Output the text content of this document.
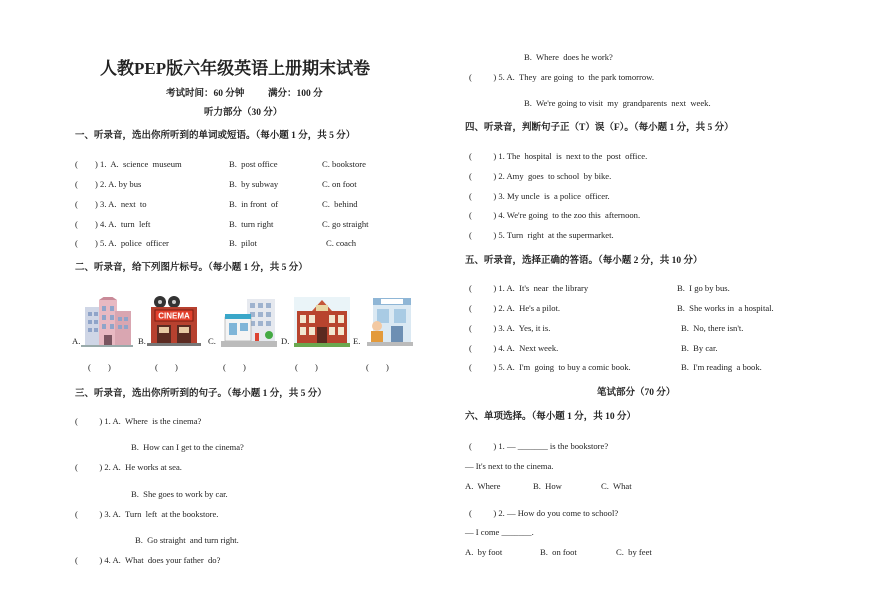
人教PEP版六年级英语上册期末试卷
考试时间：60 分钟 满分：100 分
听力部分（30 分）
一、听录音，选出你所听到的单词或短语。（每小题 1 分，共 5 分）
(        ) 1.  A.  science  museum	B.  post office	C. bookstore
(        ) 2. A. by bus	B.  by subway	C. on foot
(        ) 3. A.  next  to	B.  in front  of	C.  behind
(        ) 4. A.  turn  left	B.  turn right	C. go straight
(        ) 5. A.  police  officer	B.  pilot	C. coach
二、听录音，给下列图片标号。（每小题 1 分，共 5 分）
A.	B.	C.	D.	E.
CINEMA
(        )	(        )	(        )	(        )	(        )
三、听录音，选出你所听到的句子。（每小题 1 分，共 5 分）
(          ) 1. A.  Where  is the cinema?
B.  How can I get to the cinema?
(          ) 2. A.  He works at sea.
B.  She goes to work by car.
(          ) 3. A.  Turn  left  at the bookstore.
B.  Go straight  and turn right.
(          ) 4. A.  What  does your father  do?
B.  Where  does he work?
(          ) 5. A.  They  are going  to  the park tomorrow.
B.  We're going to visit  my  grandparents  next  week.
四、听录音，判断句子正（T）误（F）。（每小题 1 分，共 5 分）
(          ) 1. The  hospital  is  next to the  post  office.
(          ) 2. Amy  goes  to school  by bike.
(          ) 3. My uncle  is  a police  officer.
(          ) 4. We're going  to the zoo this  afternoon.
(          ) 5. Turn  right  at the supermarket.
五、听录音，选择正确的答语。（每小题 2 分，共 10 分）
(          ) 1. A.  It's  near  the library	B.  I go by bus.
(          ) 2. A.  He's a pilot.	B.  She works in  a hospital.
(          ) 3. A.  Yes, it is.	B.  No, there isn't.
(          ) 4. A.  Next week.	B.  By car.
(          ) 5. A.  I'm  going  to buy a comic book.	B.  I'm reading  a book.
笔试部分（70 分）
六、单项选择。（每小题 1 分，共 10 分）
(          ) 1. — _______ is the bookstore?
— It's next to the cinema.
A.  Where	B.  How	C.  What
(          ) 2. — How do you come to school?
— I come _______.
A.  by foot	B.  on foot	C.  by feet
